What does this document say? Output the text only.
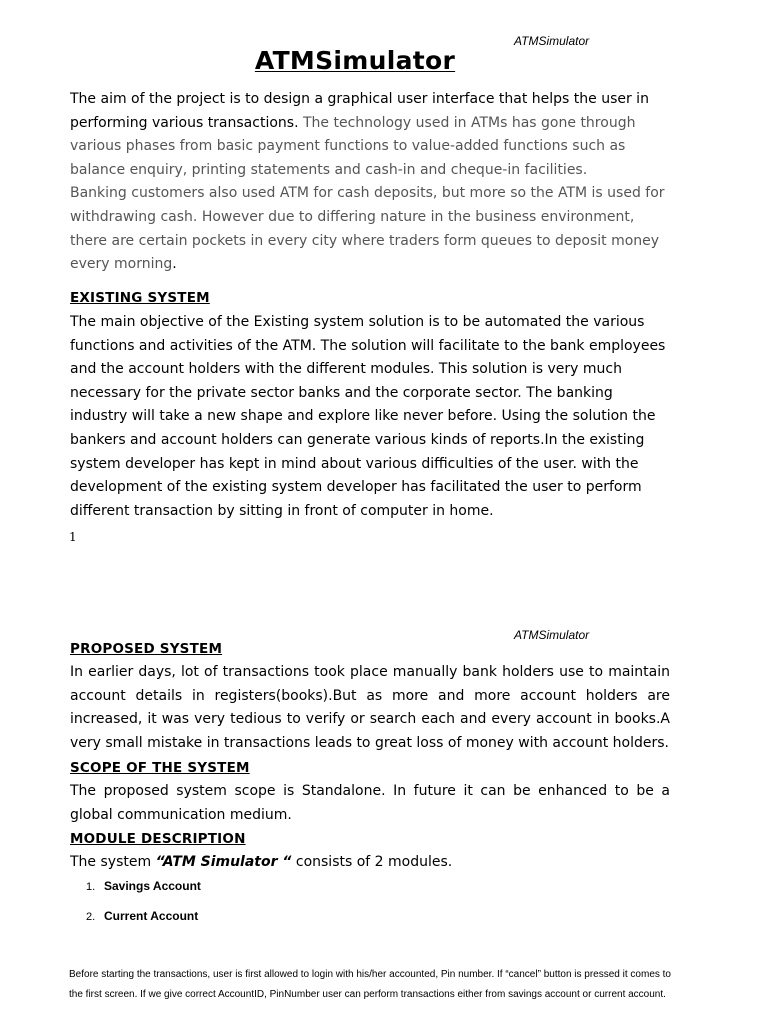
ATMSimulator
ATMSimulator
The aim of the project is to design a graphical user interface that helps the user in performing various transactions. The technology used in ATMs has gone through various phases from basic payment functions to value-added functions such as balance enquiry, printing statements and cash-in and cheque-in facilities.
Banking customers also used ATM for cash deposits, but more so the ATM is used for withdrawing cash. However due to differing nature in the business environment, there are certain pockets in every city where traders form queues to deposit money every morning.
EXISTING SYSTEM
The main objective of the Existing system solution is to be automated the various functions and activities of the ATM. The solution will facilitate to the bank employees and the account holders with the different modules. This solution is very much necessary for the private sector banks and the corporate sector. The banking industry will take a new shape and explore like never before. Using the solution the bankers and account holders can generate various kinds of reports.In the existing system developer has kept in mind about various difficulties of the user. with the development of the existing system developer has facilitated the user to perform different transaction by sitting in front of computer in home.
1
ATMSimulator
PROPOSED SYSTEM
In earlier days, lot of transactions took place manually bank holders use to maintain account details in registers(books).But as more and more account holders are increased, it was very tedious to verify or search each and every account in books.A very small mistake in transactions leads to great loss of money with account holders.
SCOPE OF THE SYSTEM
The proposed system scope is Standalone. In future it can be enhanced to be a global communication medium.
MODULE DESCRIPTION
The system “ATM Simulator “ consists of 2 modules.
1. Savings Account
2. Current Account
Before starting the transactions, user is first allowed to login with his/her accounted, Pin number. If “cancel” button is pressed it comes to the first screen. If we give correct AccountID, PinNumber user can perform transactions either from savings account or current account.
